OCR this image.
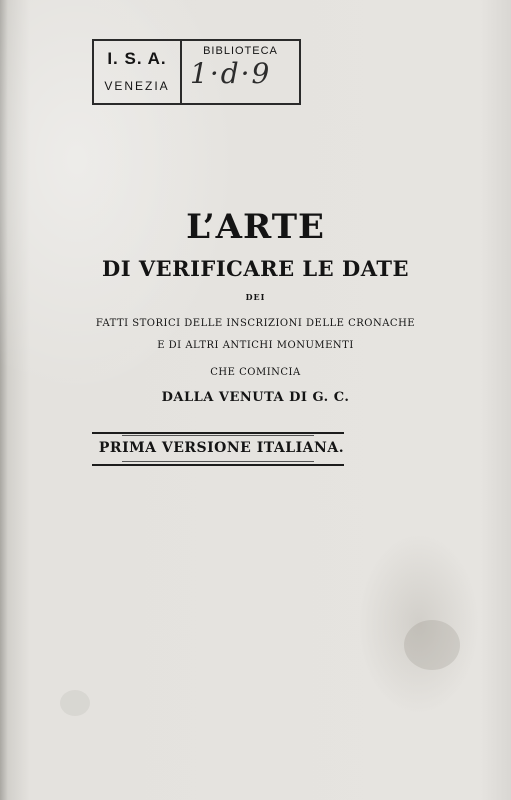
I. S. A.
VENEZIA
BIBLIOTECA
1·d·9
L’ARTE
DI VERIFICARE LE DATE
DEI
FATTI STORICI DELLE INSCRIZIONI DELLE CRONACHE
E DI ALTRI ANTICHI MONUMENTI
CHE COMINCIA
DALLA VENUTA DI G. C.
PRIMA VERSIONE ITALIANA.
